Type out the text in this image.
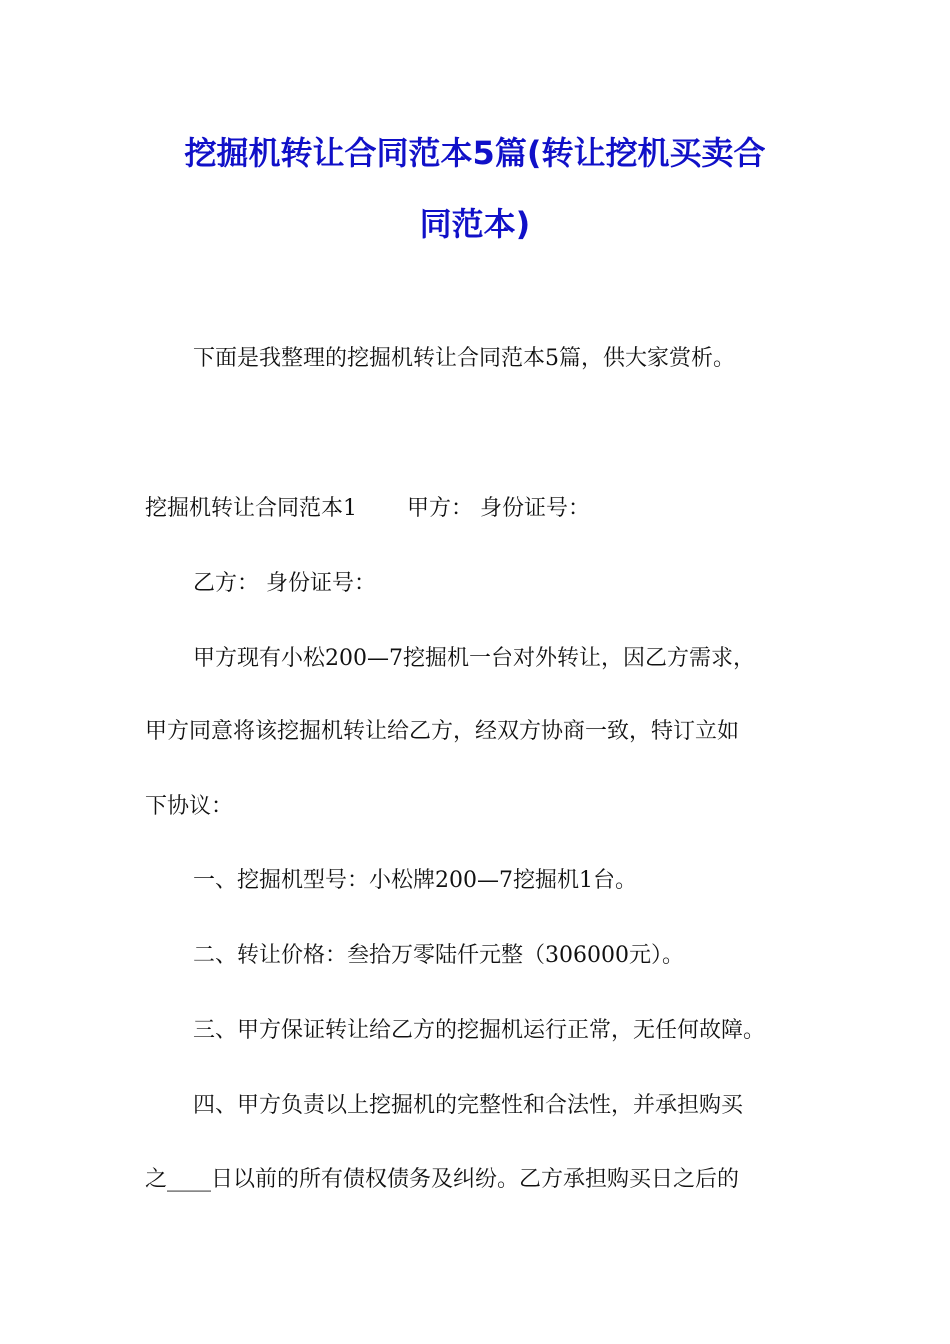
挖掘机转让合同范本5篇(转让挖机买卖合
同范本)

下面是我整理的挖掘机转让合同范本5篇，供大家赏析。

挖掘机转让合同范本1 甲方： 身份证号：

乙方： 身份证号：

甲方现有小松200—7挖掘机一台对外转让，因乙方需求，

甲方同意将该挖掘机转让给乙方，经双方协商一致，特订立如

下协议：

一、挖掘机型号：小松牌200—7挖掘机1台。

二、转让价格：叁拾万零陆仟元整（306000元）。

三、甲方保证转让给乙方的挖掘机运行正常，无任何故障。

四、甲方负责以上挖掘机的完整性和合法性，并承担购买

之____日以前的所有债权债务及纠纷。乙方承担购买日之后的
